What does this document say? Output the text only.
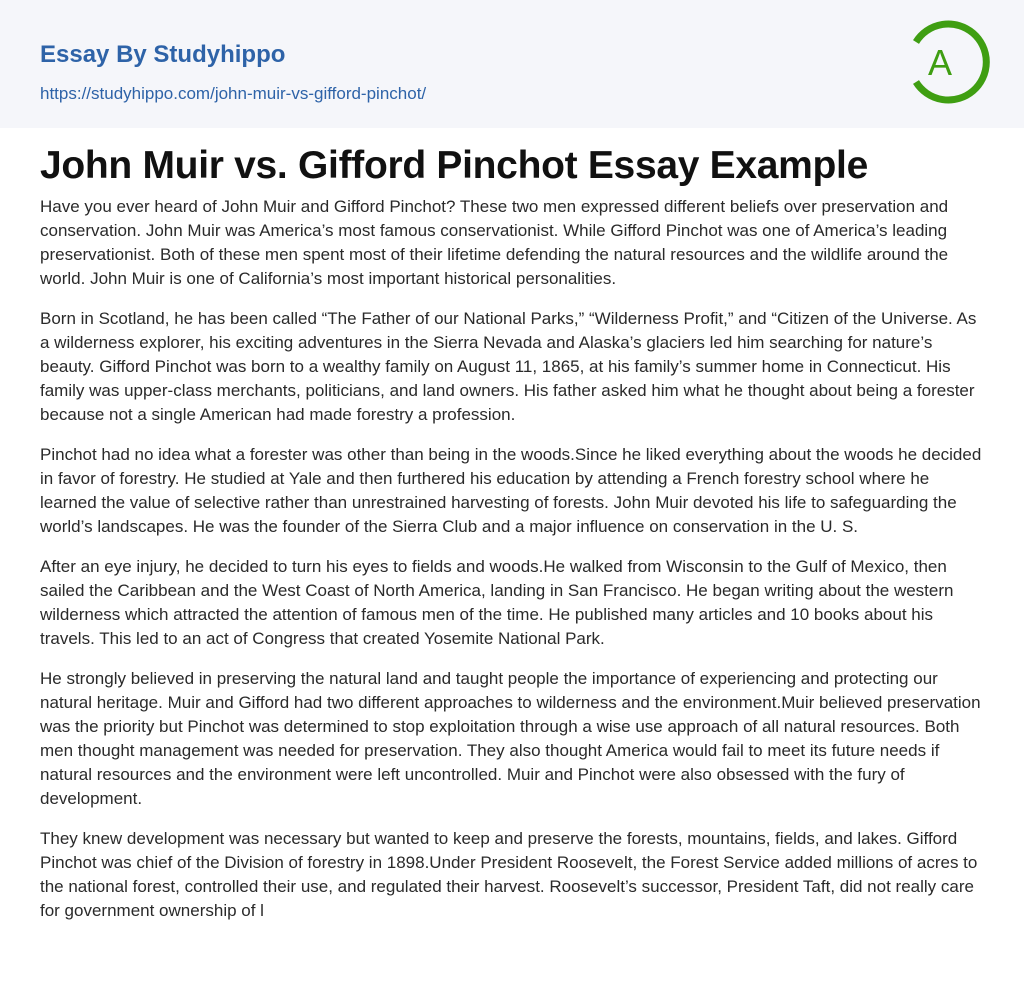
Essay By Studyhippo
https://studyhippo.com/john-muir-vs-gifford-pinchot/
A
John Muir vs. Gifford Pinchot Essay Example

Have you ever heard of John Muir and Gifford Pinchot? These two men expressed different beliefs over preservation and conservation. John Muir was America’s most famous conservationist. While Gifford Pinchot was one of America’s leading preservationist. Both of these men spent most of their lifetime defending the natural resources and the wildlife around the world. John Muir is one of California’s most important historical personalities.

Born in Scotland, he has been called “The Father of our National Parks,” “Wilderness Profit,” and “Citizen of the Universe. As a wilderness explorer, his exciting adventures in the Sierra Nevada and Alaska’s glaciers led him searching for nature’s beauty. Gifford Pinchot was born to a wealthy family on August 11, 1865, at his family’s summer home in Connecticut. His family was upper-class merchants, politicians, and land owners. His father asked him what he thought about being a forester because not a single American had made forestry a profession.

Pinchot had no idea what a forester was other than being in the woods.Since he liked everything about the woods he decided in favor of forestry. He studied at Yale and then furthered his education by attending a French forestry school where he learned the value of selective rather than unrestrained harvesting of forests. John Muir devoted his life to safeguarding the world’s landscapes. He was the founder of the Sierra Club and a major influence on conservation in the U. S.

After an eye injury, he decided to turn his eyes to fields and woods.He walked from Wisconsin to the Gulf of Mexico, then sailed the Caribbean and the West Coast of North America, landing in San Francisco. He began writing about the western wilderness which attracted the attention of famous men of the time. He published many articles and 10 books about his travels. This led to an act of Congress that created Yosemite National Park.

He strongly believed in preserving the natural land and taught people the importance of experiencing and protecting our natural heritage. Muir and Gifford had two different approaches to wilderness and the environment.Muir believed preservation was the priority but Pinchot was determined to stop exploitation through a wise use approach of all natural resources. Both men thought management was needed for preservation. They also thought America would fail to meet its future needs if natural resources and the environment were left uncontrolled. Muir and Pinchot were also obsessed with the fury of development.

They knew development was necessary but wanted to keep and preserve the forests, mountains, fields, and lakes. Gifford Pinchot was chief of the Division of forestry in 1898.Under President Roosevelt, the Forest Service added millions of acres to the national forest, controlled their use, and regulated their harvest. Roosevelt’s successor, President Taft, did not really care for government ownership of l
